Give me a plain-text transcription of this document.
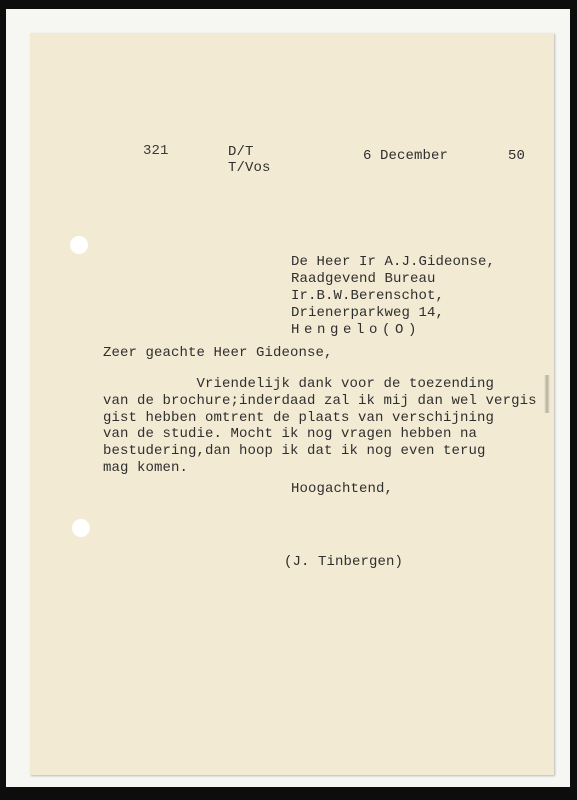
321	D/T
T/Vos
6 December	50
De Heer Ir A.J.Gideonse,
Raadgevend Bureau
Ir.B.W.Berenschot,
Drienerparkweg 14,
Hengelo(O)
Zeer geachte Heer Gideonse,
Vriendelijk dank voor de toezending
van de brochure;inderdaad zal ik mij dan wel vergis
gist hebben omtrent de plaats van verschijning
van de studie. Mocht ik nog vragen hebben na
bestudering,dan hoop ik dat ik nog even terug
mag komen.
Hoogachtend,
(J. Tinbergen)
